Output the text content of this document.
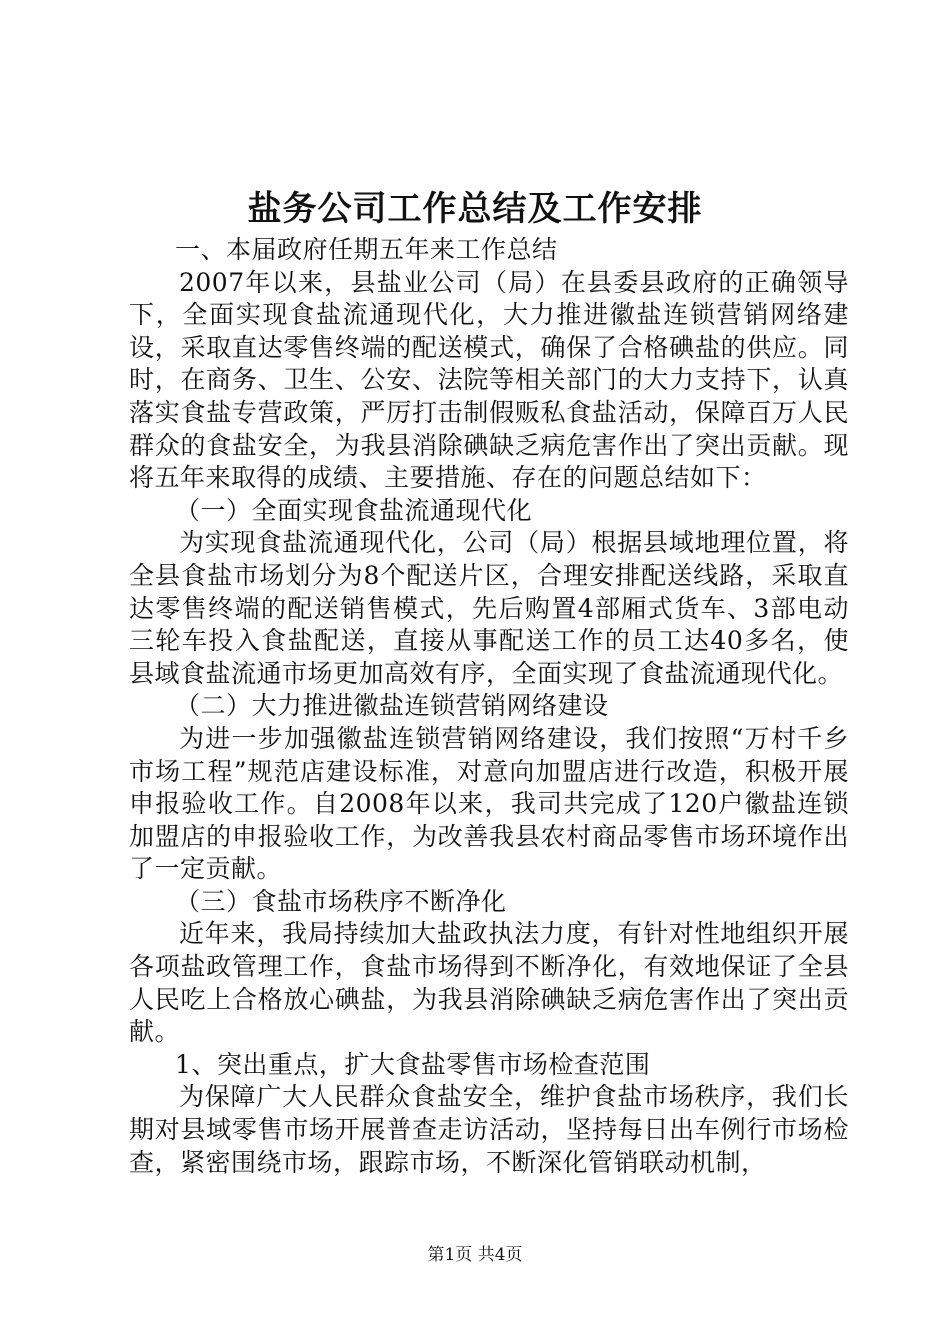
盐务公司工作总结及工作安排

一、本届政府任期五年来工作总结

2007年以来，县盐业公司（局）在县委县政府的正确领导下，全面实现食盐流通现代化，大力推进徽盐连锁营销网络建设，采取直达零售终端的配送模式，确保了合格碘盐的供应。同时，在商务、卫生、公安、法院等相关部门的大力支持下，认真落实食盐专营政策，严厉打击制假贩私食盐活动，保障百万人民群众的食盐安全，为我县消除碘缺乏病危害作出了突出贡献。现将五年来取得的成绩、主要措施、存在的问题总结如下：

（一）全面实现食盐流通现代化

为实现食盐流通现代化，公司（局）根据县域地理位置，将全县食盐市场划分为8个配送片区，合理安排配送线路，采取直达零售终端的配送销售模式，先后购置4部厢式货车、3部电动三轮车投入食盐配送，直接从事配送工作的员工达40多名，使县域食盐流通市场更加高效有序，全面实现了食盐流通现代化。

（二）大力推进徽盐连锁营销网络建设

为进一步加强徽盐连锁营销网络建设，我们按照“万村千乡市场工程”规范店建设标准，对意向加盟店进行改造，积极开展申报验收工作。自2008年以来，我司共完成了120户徽盐连锁加盟店的申报验收工作，为改善我县农村商品零售市场环境作出了一定贡献。

（三）食盐市场秩序不断净化

近年来，我局持续加大盐政执法力度，有针对性地组织开展各项盐政管理工作，食盐市场得到不断净化，有效地保证了全县人民吃上合格放心碘盐，为我县消除碘缺乏病危害作出了突出贡献。

1、突出重点，扩大食盐零售市场检查范围

为保障广大人民群众食盐安全，维护食盐市场秩序，我们长期对县域零售市场开展普查走访活动，坚持每日出车例行市场检查，紧密围绕市场，跟踪市场，不断深化管销联动机制，

第1页 共4页
